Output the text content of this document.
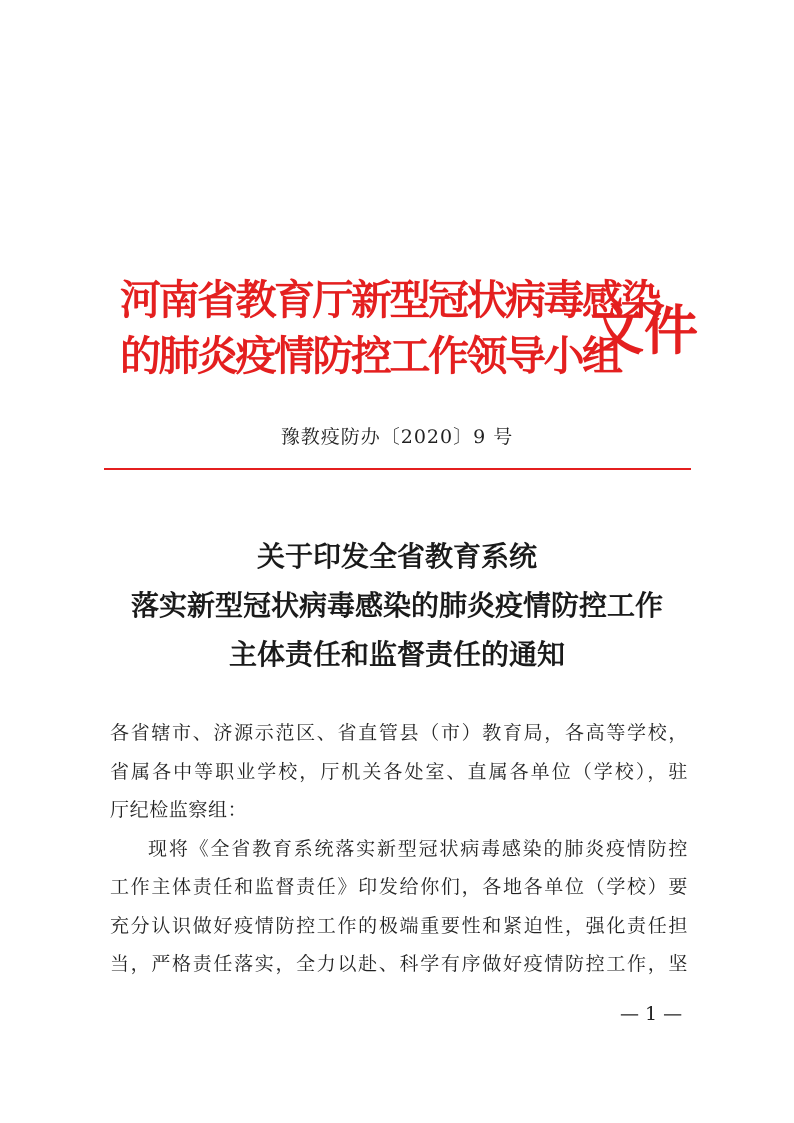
河南省教育厅新型冠状病毒感染
的肺炎疫情防控工作领导小组
文件
豫教疫防办〔2020〕9 号
关于印发全省教育系统
落实新型冠状病毒感染的肺炎疫情防控工作
主体责任和监督责任的通知
各省辖市、济源示范区、省直管县（市）教育局，各高等学校，
省属各中等职业学校，厅机关各处室、直属各单位（学校），驻
厅纪检监察组：
现将《全省教育系统落实新型冠状病毒感染的肺炎疫情防控
工作主体责任和监督责任》印发给你们，各地各单位（学校）要
充分认识做好疫情防控工作的极端重要性和紧迫性，强化责任担
当，严格责任落实，全力以赴、科学有序做好疫情防控工作，坚
— 1 —
